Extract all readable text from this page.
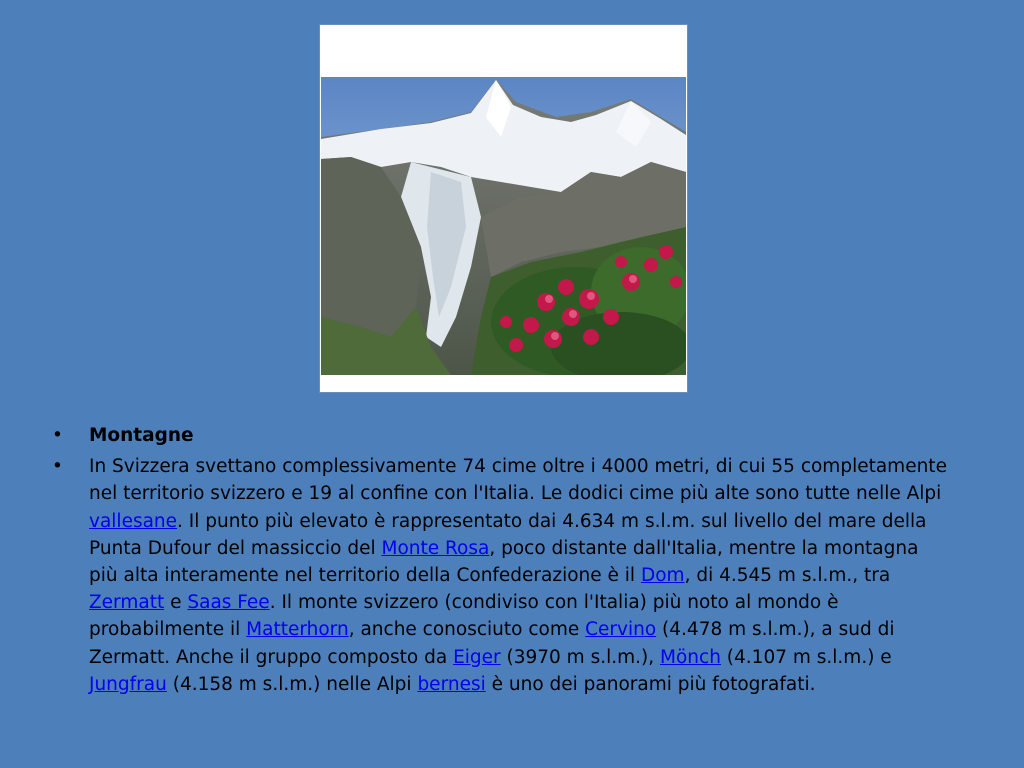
• Montagne
• In Svizzera svettano complessivamente 74 cime oltre i 4000 metri, di cui 55 completamente nel territorio svizzero e 19 al confine con l'Italia. Le dodici cime più alte sono tutte nelle Alpi vallesane. Il punto più elevato è rappresentato dai 4.634 m s.l.m. sul livello del mare della Punta Dufour del massiccio del Monte Rosa, poco distante dall'Italia, mentre la montagna più alta interamente nel territorio della Confederazione è il Dom, di 4.545 m s.l.m., tra Zermatt e Saas Fee. Il monte svizzero (condiviso con l'Italia) più noto al mondo è probabilmente il Matterhorn, anche conosciuto come Cervino (4.478 m s.l.m.), a sud di Zermatt. Anche il gruppo composto da Eiger (3970 m s.l.m.), Mönch (4.107 m s.l.m.) e Jungfrau (4.158 m s.l.m.) nelle Alpi bernesi è uno dei panorami più fotografati.
